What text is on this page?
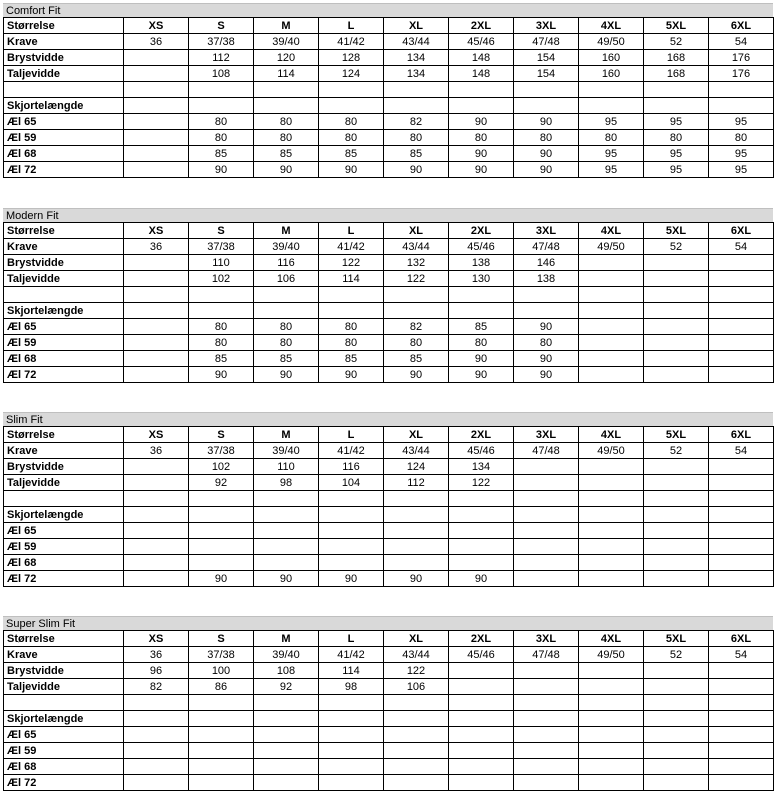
Comfort Fit
Størrelse	XS	S	M	L	XL	2XL	3XL	4XL	5XL	6XL
Krave	36	37/38	39/40	41/42	43/44	45/46	47/48	49/50	52	54
Brystvidde		112	120	128	134	148	154	160	168	176
Taljevidde		108	114	124	134	148	154	160	168	176

Skjortelængde										
Æl 65		80	80	80	82	90	90	95	95	95
Æl 59		80	80	80	80	80	80	80	80	80
Æl 68		85	85	85	85	90	90	95	95	95
Æl 72		90	90	90	90	90	90	95	95	95
Modern Fit
Størrelse	XS	S	M	L	XL	2XL	3XL	4XL	5XL	6XL
Krave	36	37/38	39/40	41/42	43/44	45/46	47/48	49/50	52	54
Brystvidde		110	116	122	132	138	146			
Taljevidde		102	106	114	122	130	138			

Skjortelængde										
Æl 65		80	80	80	82	85	90			
Æl 59		80	80	80	80	80	80			
Æl 68		85	85	85	85	90	90			
Æl 72		90	90	90	90	90	90			
Slim Fit
Størrelse	XS	S	M	L	XL	2XL	3XL	4XL	5XL	6XL
Krave	36	37/38	39/40	41/42	43/44	45/46	47/48	49/50	52	54
Brystvidde		102	110	116	124	134				
Taljevidde		92	98	104	112	122				

Skjortelængde										
Æl 65										
Æl 59										
Æl 68										
Æl 72		90	90	90	90	90				
Super Slim Fit
Størrelse	XS	S	M	L	XL	2XL	3XL	4XL	5XL	6XL
Krave	36	37/38	39/40	41/42	43/44	45/46	47/48	49/50	52	54
Brystvidde	96	100	108	114	122					
Taljevidde	82	86	92	98	106					

Skjortelængde										
Æl 65										
Æl 59										
Æl 68										
Æl 72										
